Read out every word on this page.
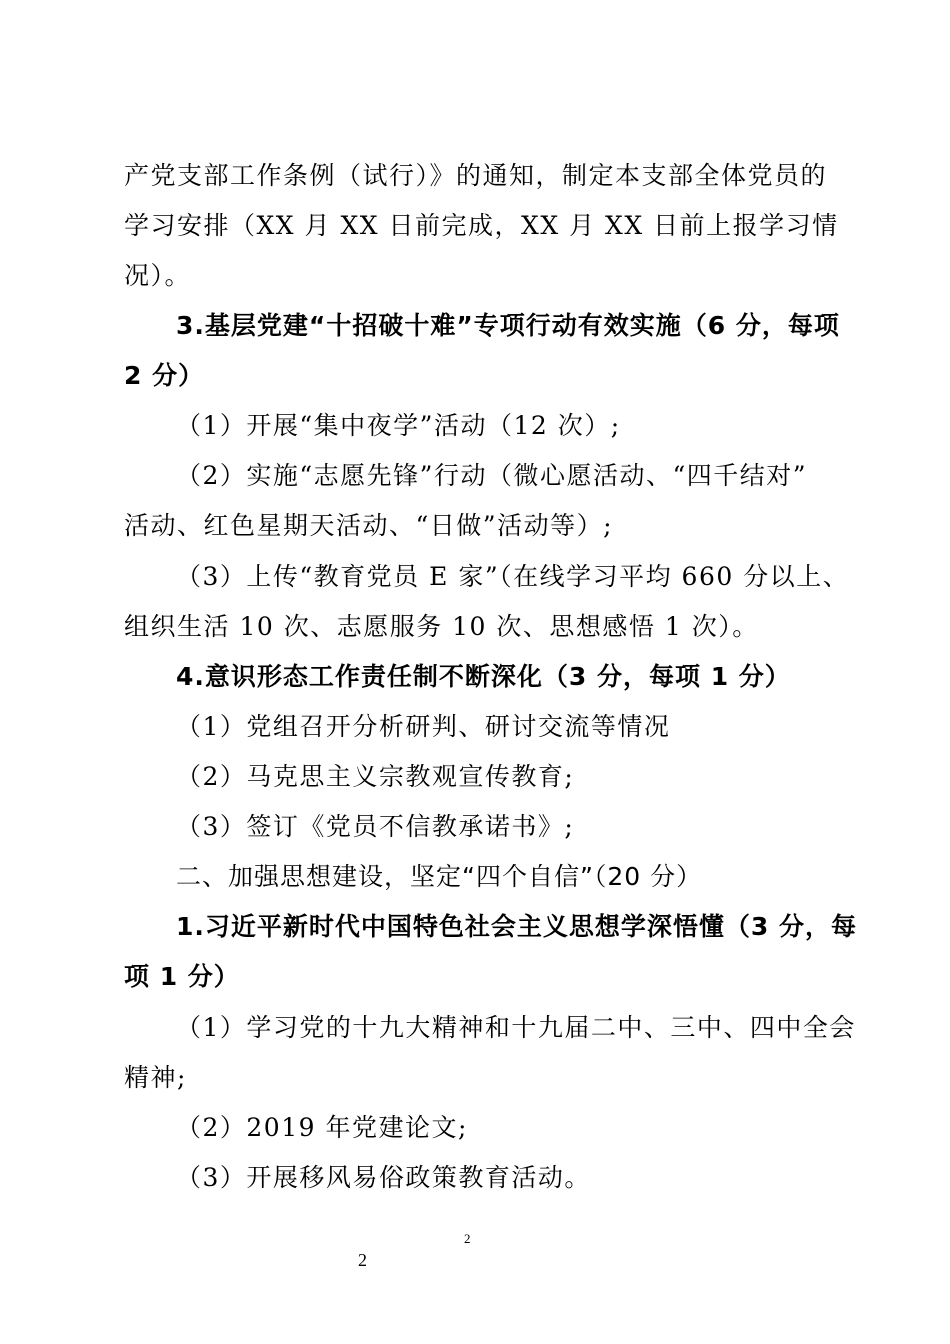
产党支部工作条例（试行）》的通知，制定本支部全体党员的
学习安排（XX 月 XX 日前完成，XX 月 XX 日前上报学习情
况）。
3.基层党建“十招破十难”专项行动有效实施（6 分，每项
2 分）
（1）开展“集中夜学”活动（12 次）;
（2）实施“志愿先锋”行动（微心愿活动、“四千结对”
活动、红色星期天活动、“日做”活动等）;
（3）上传“教育党员 E 家”（在线学习平均 660 分以上、
组织生活 10 次、志愿服务 10 次、思想感悟 1 次）。
4.意识形态工作责任制不断深化（3 分，每项 1 分）
（1）党组召开分析研判、研讨交流等情况
（2）马克思主义宗教观宣传教育;
（3）签订《党员不信教承诺书》;
二、加强思想建设，坚定“四个自信”（20 分）
1.习近平新时代中国特色社会主义思想学深悟懂（3 分，每
项 1 分）
（1）学习党的十九大精神和十九届二中、三中、四中全会
精神;
（2）2019 年党建论文;
（3）开展移风易俗政策教育活动。
2
2
